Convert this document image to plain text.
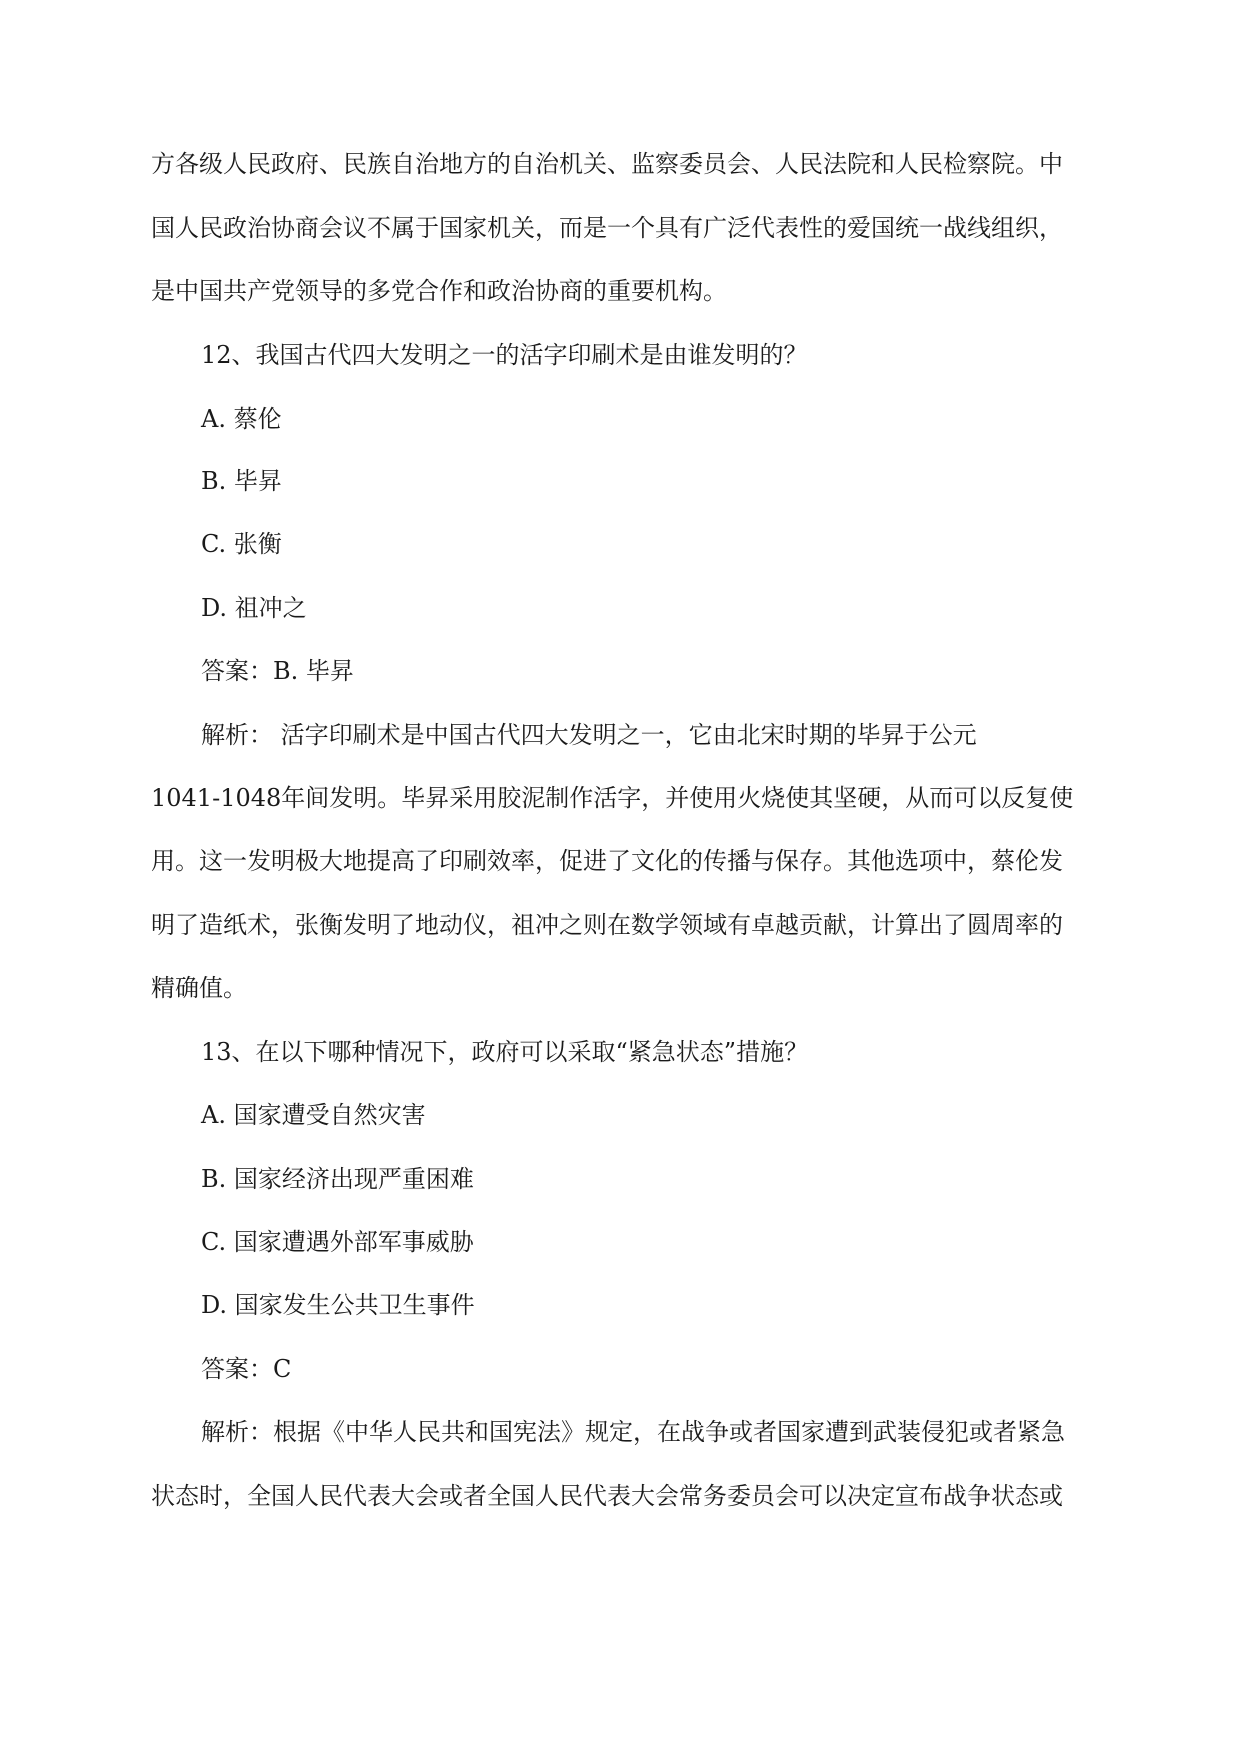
方各级人民政府、民族自治地方的自治机关、监察委员会、人民法院和人民检察院。中

国人民政治协商会议不属于国家机关，而是一个具有广泛代表性的爱国统一战线组织，

是中国共产党领导的多党合作和政治协商的重要机构。

12、我国古代四大发明之一的活字印刷术是由谁发明的？

A. 蔡伦

B. 毕昇

C. 张衡

D. 祖冲之

答案：B. 毕昇

解析： 活字印刷术是中国古代四大发明之一，它由北宋时期的毕昇于公元

1041-1048年间发明。毕昇采用胶泥制作活字，并使用火烧使其坚硬，从而可以反复使

用。这一发明极大地提高了印刷效率，促进了文化的传播与保存。其他选项中，蔡伦发

明了造纸术，张衡发明了地动仪，祖冲之则在数学领域有卓越贡献，计算出了圆周率的

精确值。

13、在以下哪种情况下，政府可以采取“紧急状态”措施？

A. 国家遭受自然灾害

B. 国家经济出现严重困难

C. 国家遭遇外部军事威胁

D. 国家发生公共卫生事件

答案：C

解析：根据《中华人民共和国宪法》规定，在战争或者国家遭到武装侵犯或者紧急

状态时，全国人民代表大会或者全国人民代表大会常务委员会可以决定宣布战争状态或
